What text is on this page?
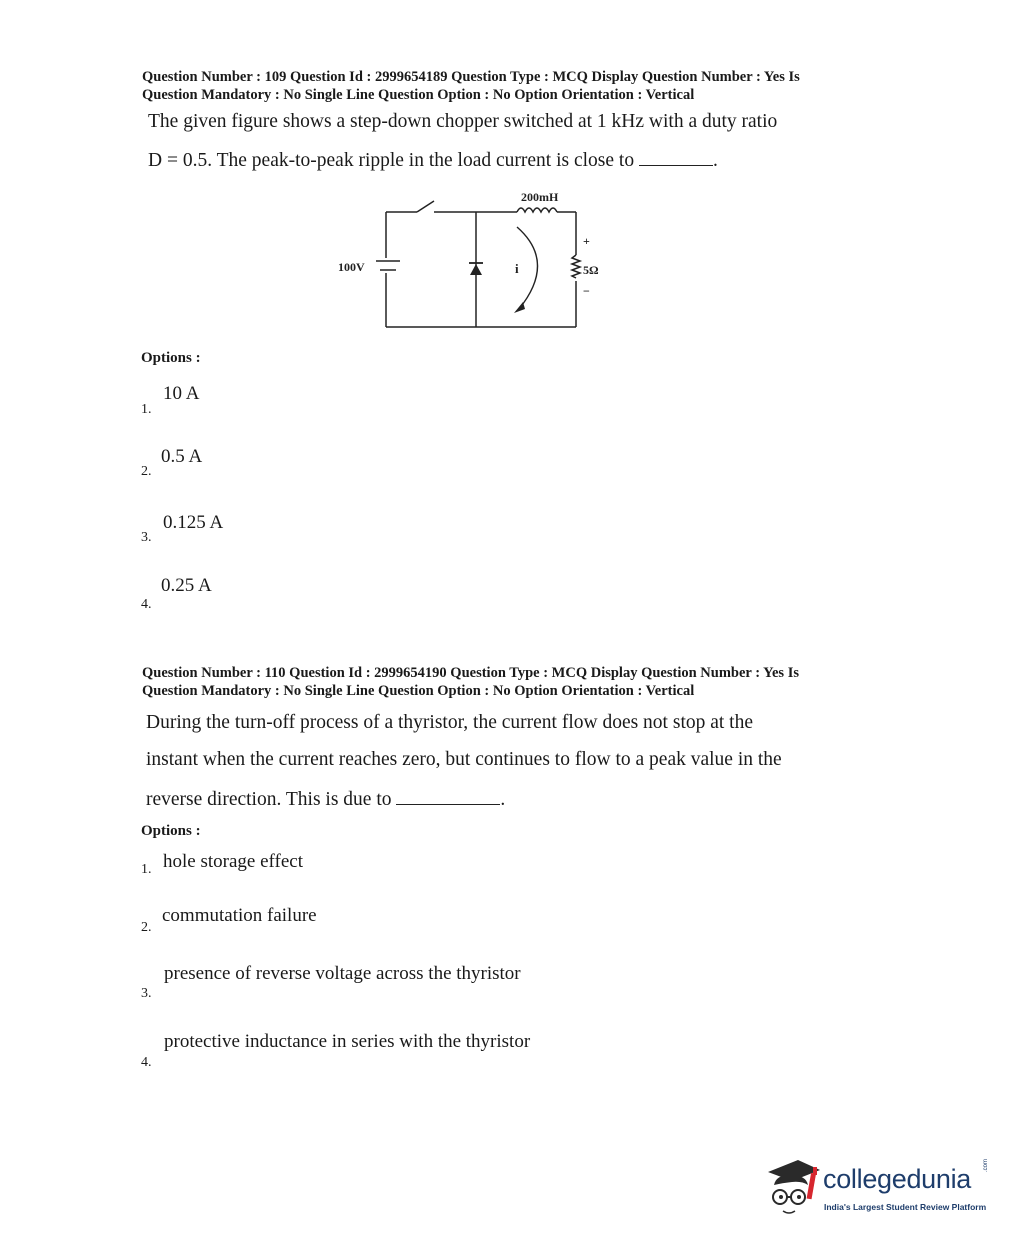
Question Number : 109 Question Id : 2999654189 Question Type : MCQ Display Question Number : Yes Is
Question Mandatory : No Single Line Question Option : No Option Orientation : Vertical
The given figure shows a step-down chopper switched at 1 kHz with a duty ratio
D = 0.5. The peak-to-peak ripple in the load current is close to	.
200mH
100V	i	5Ω
+
−
Options :
10 A
1.
0.5 A
2.
0.125 A
3.
0.25 A
4.
Question Number : 110 Question Id : 2999654190 Question Type : MCQ Display Question Number : Yes Is
Question Mandatory : No Single Line Question Option : No Option Orientation : Vertical
During the turn-off process of a thyristor, the current flow does not stop at the
instant when the current reaches zero, but continues to flow to a peak value in the
reverse direction. This is due to	.
Options :
1. hole storage effect
commutation failure
2.
presence of reverse voltage across the thyristor
3.
protective inductance in series with the thyristor
4.
collegedunia .com
India's Largest Student Review Platform
